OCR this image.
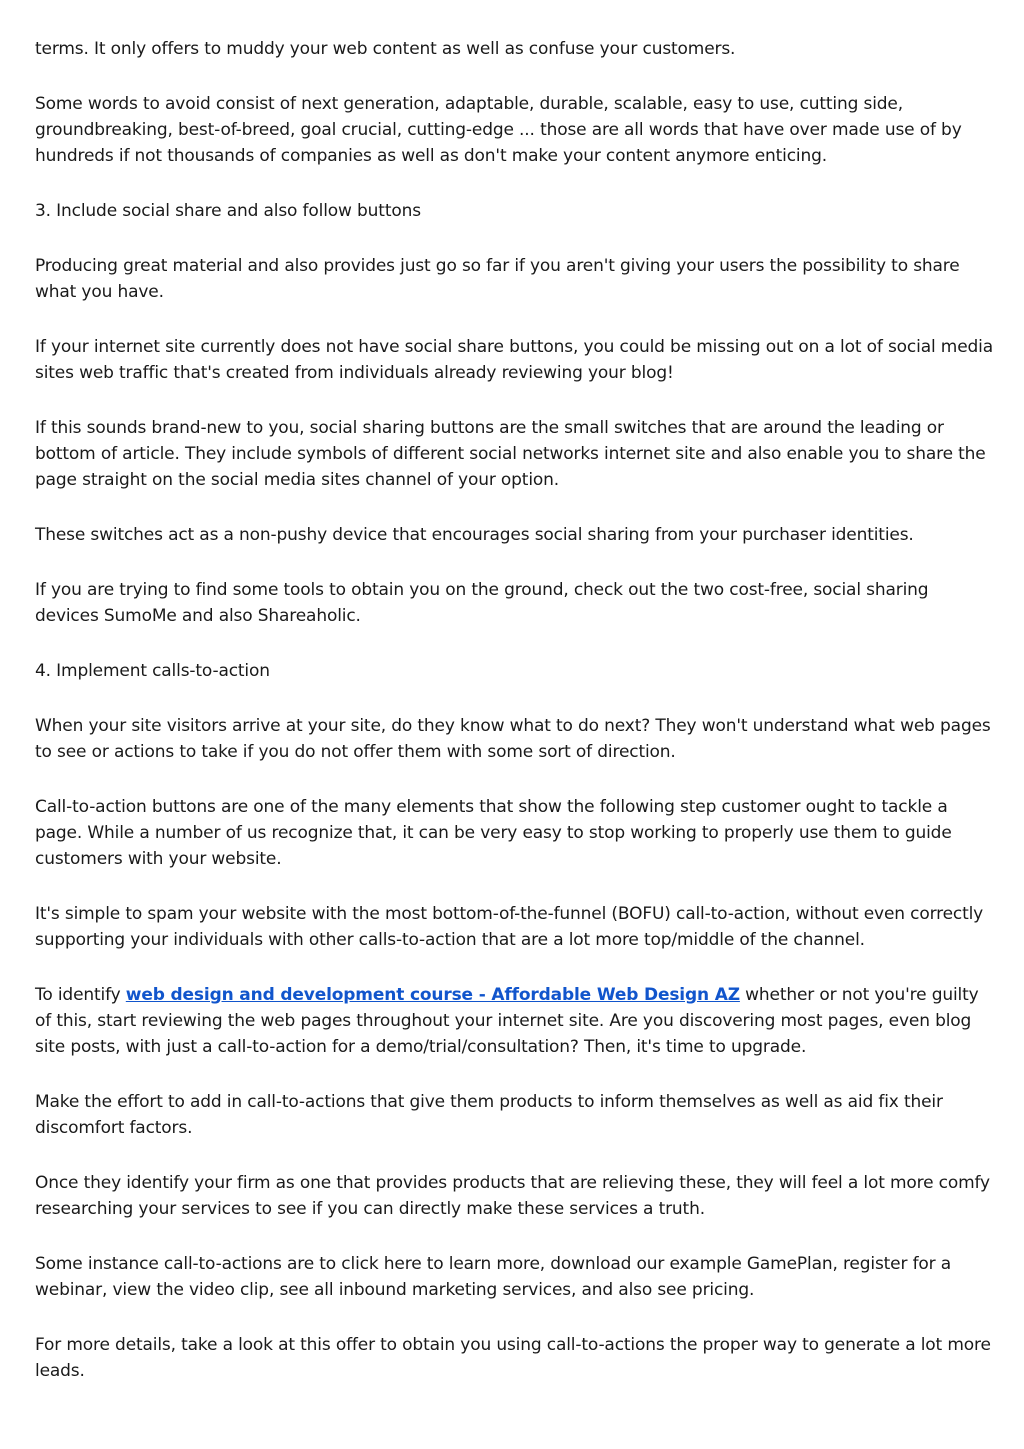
terms. It only offers to muddy your web content as well as confuse your customers.

Some words to avoid consist of next generation, adaptable, durable, scalable, easy to use, cutting side, groundbreaking, best-of-breed, goal crucial, cutting-edge ... those are all words that have over made use of by hundreds if not thousands of companies as well as don't make your content anymore enticing.

3. Include social share and also follow buttons

Producing great material and also provides just go so far if you aren't giving your users the possibility to share what you have.

If your internet site currently does not have social share buttons, you could be missing out on a lot of social media sites web traffic that's created from individuals already reviewing your blog!

If this sounds brand-new to you, social sharing buttons are the small switches that are around the leading or bottom of article. They include symbols of different social networks internet site and also enable you to share the page straight on the social media sites channel of your option.

These switches act as a non-pushy device that encourages social sharing from your purchaser identities.

If you are trying to find some tools to obtain you on the ground, check out the two cost-free, social sharing devices SumoMe and also Shareaholic.

4. Implement calls-to-action

When your site visitors arrive at your site, do they know what to do next? They won't understand what web pages to see or actions to take if you do not offer them with some sort of direction.

Call-to-action buttons are one of the many elements that show the following step customer ought to tackle a page. While a number of us recognize that, it can be very easy to stop working to properly use them to guide customers with your website.

It's simple to spam your website with the most bottom-of-the-funnel (BOFU) call-to-action, without even correctly supporting your individuals with other calls-to-action that are a lot more top/middle of the channel.

To identify web design and development course - Affordable Web Design AZ whether or not you're guilty of this, start reviewing the web pages throughout your internet site. Are you discovering most pages, even blog site posts, with just a call-to-action for a demo/trial/consultation? Then, it's time to upgrade.

Make the effort to add in call-to-actions that give them products to inform themselves as well as aid fix their discomfort factors.

Once they identify your firm as one that provides products that are relieving these, they will feel a lot more comfy researching your services to see if you can directly make these services a truth.

Some instance call-to-actions are to click here to learn more, download our example GamePlan, register for a webinar, view the video clip, see all inbound marketing services, and also see pricing.

For more details, take a look at this offer to obtain you using call-to-actions the proper way to generate a lot more leads.
